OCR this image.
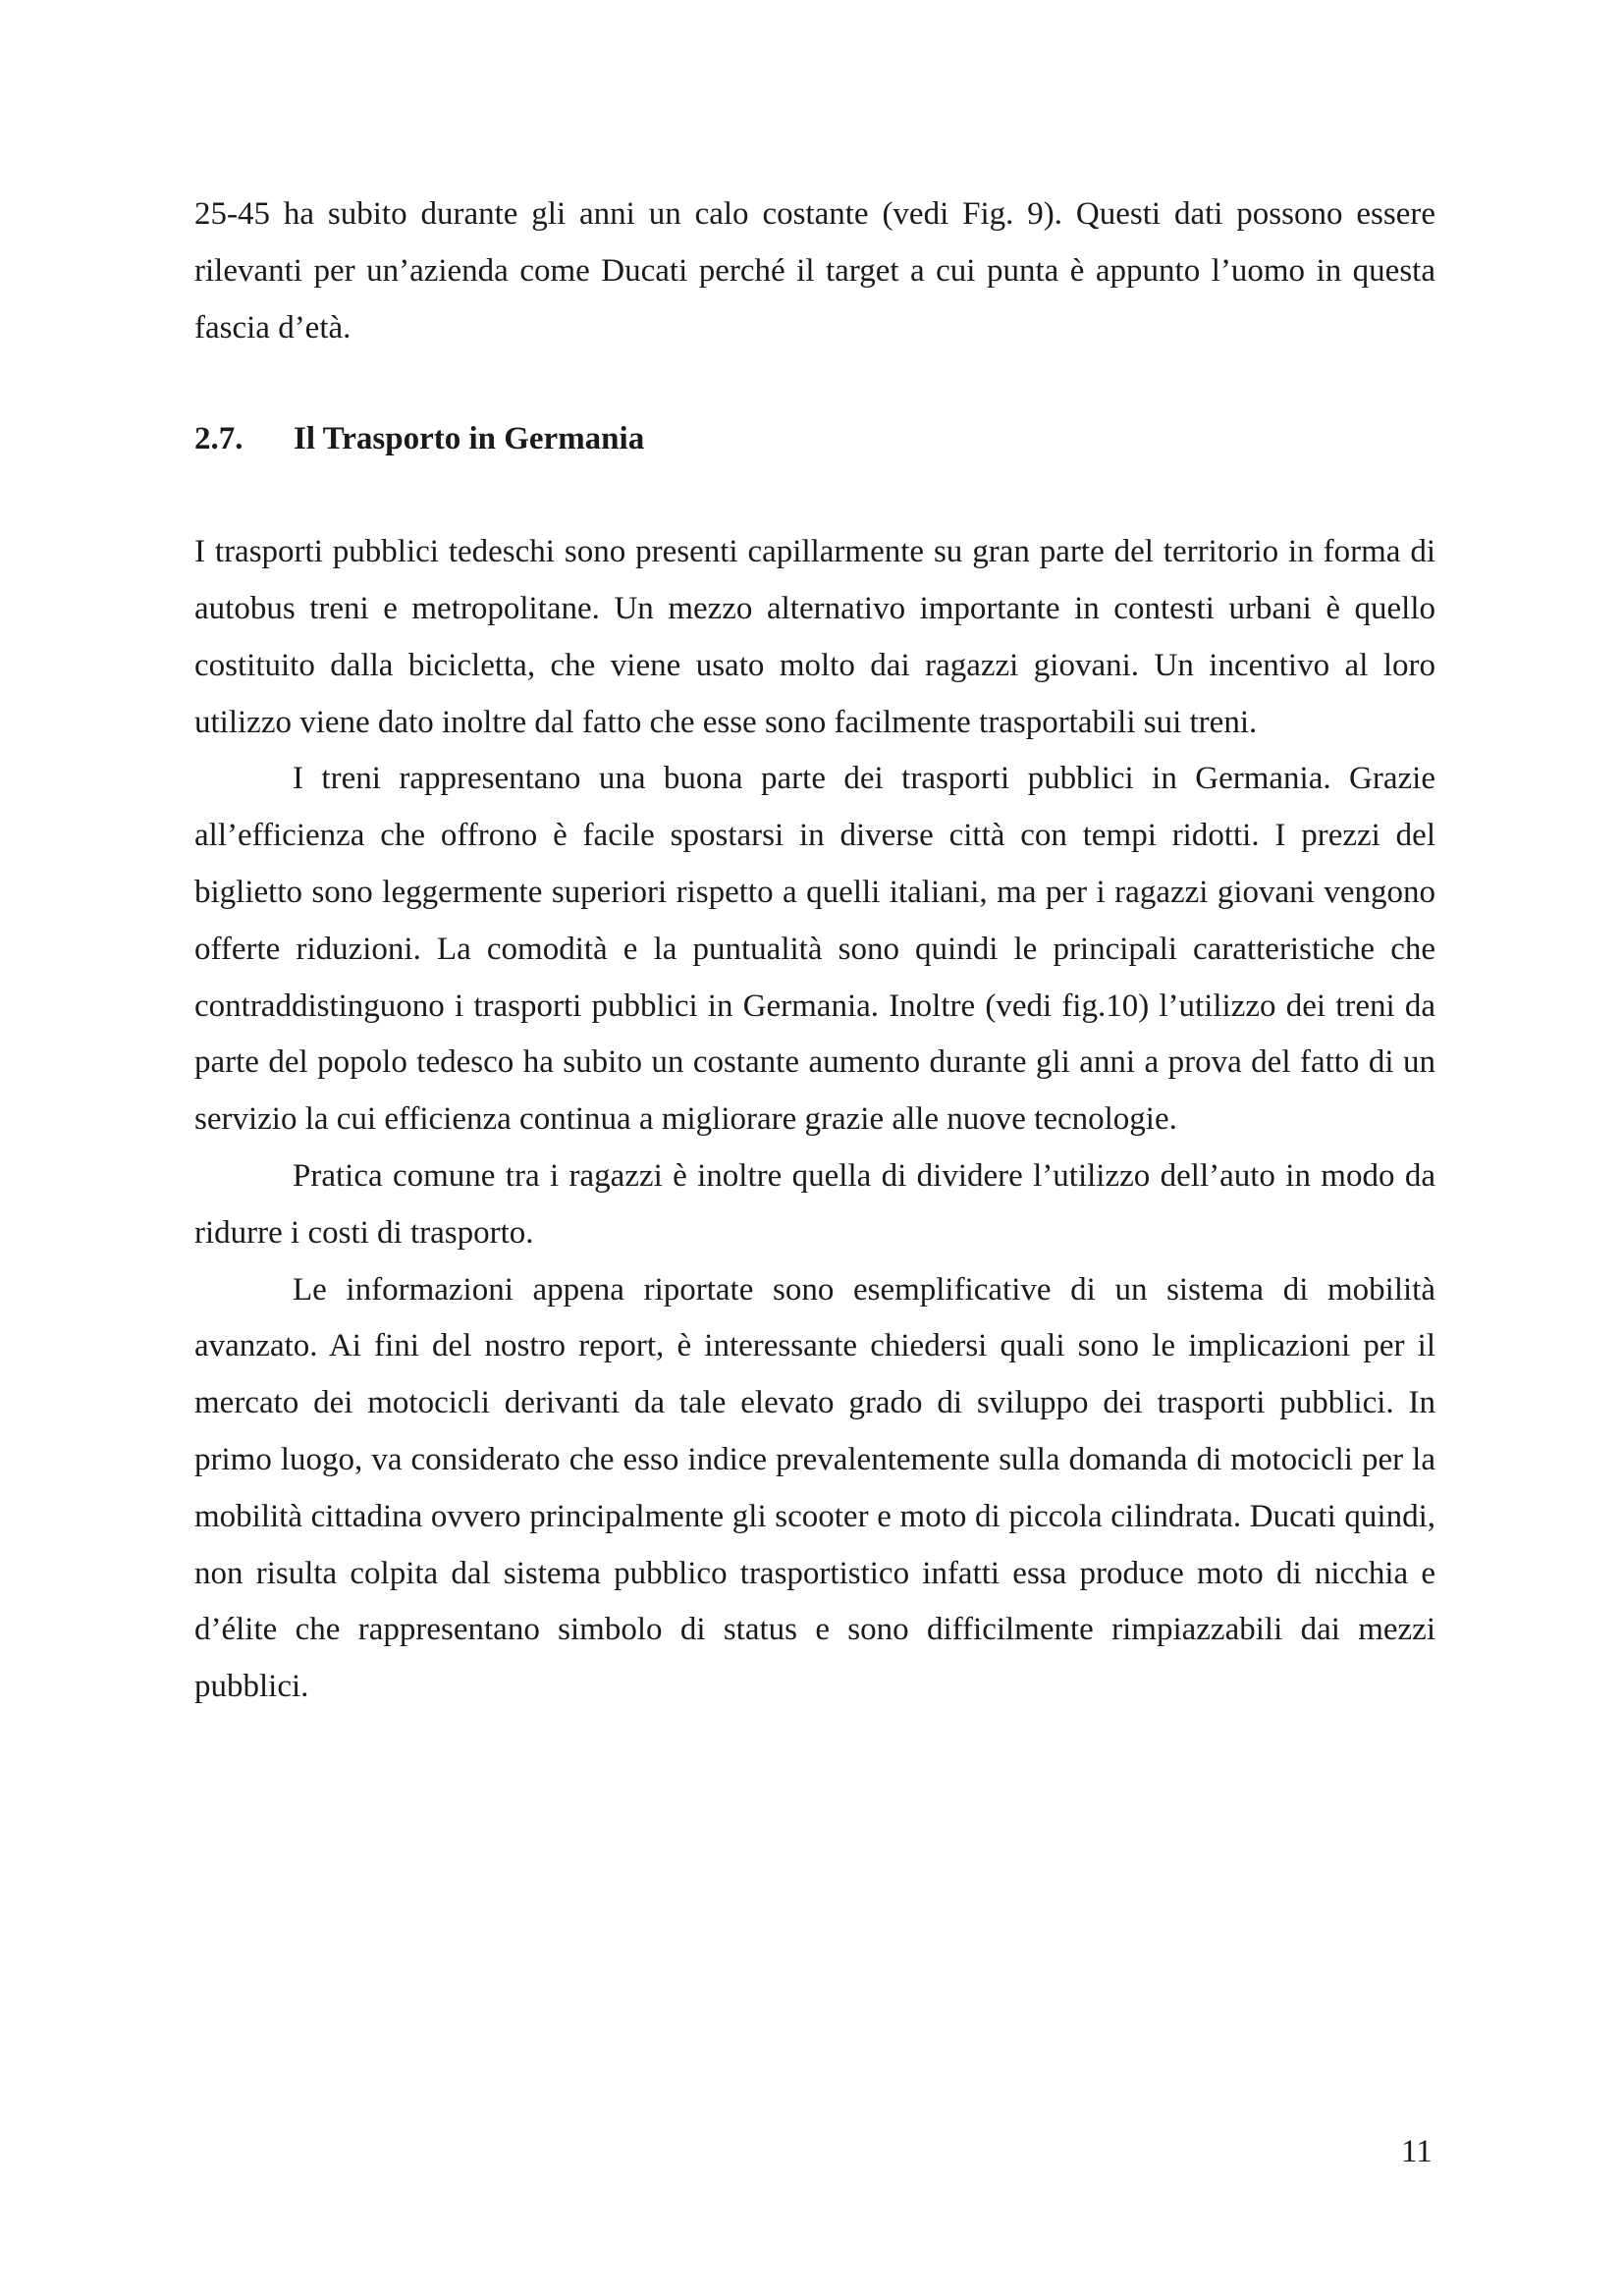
25-45 ha subito durante gli anni un calo costante (vedi Fig. 9). Questi dati possono essere rilevanti per un’azienda come Ducati perché il target a cui punta è appunto l’uomo in questa fascia d’età.

2.7.	Il Trasporto in Germania

I trasporti pubblici tedeschi sono presenti capillarmente su gran parte del territorio in forma di autobus treni e metropolitane. Un mezzo alternativo importante in contesti urbani è quello costituito dalla bicicletta, che viene usato molto dai ragazzi giovani. Un incentivo al loro utilizzo viene dato inoltre dal fatto che esse sono facilmente trasportabili sui treni.

I treni rappresentano una buona parte dei trasporti pubblici in Germania. Grazie all’efficienza che offrono è facile spostarsi in diverse città con tempi ridotti. I prezzi del biglietto sono leggermente superiori rispetto a quelli italiani, ma per i ragazzi giovani vengono offerte riduzioni. La comodità e la puntualità sono quindi le principali caratteristiche che contraddistinguono i trasporti pubblici in Germania. Inoltre (vedi fig.10) l’utilizzo dei treni da parte del popolo tedesco ha subito un costante aumento durante gli anni a prova del fatto di un servizio la cui efficienza continua a migliorare grazie alle nuove tecnologie.

Pratica comune tra i ragazzi è inoltre quella di dividere l’utilizzo dell’auto in modo da ridurre i costi di trasporto.

Le informazioni appena riportate sono esemplificative di un sistema di mobilità avanzato. Ai fini del nostro report, è interessante chiedersi quali sono le implicazioni per il mercato dei motocicli derivanti da tale elevato grado di sviluppo dei trasporti pubblici. In primo luogo, va considerato che esso indice prevalentemente sulla domanda di motocicli per la mobilità cittadina ovvero principalmente gli scooter e moto di piccola cilindrata. Ducati quindi, non risulta colpita dal sistema pubblico trasportistico infatti essa produce moto di nicchia e d’élite che rappresentano simbolo di status e sono difficilmente rimpiazzabili dai mezzi pubblici.

11
